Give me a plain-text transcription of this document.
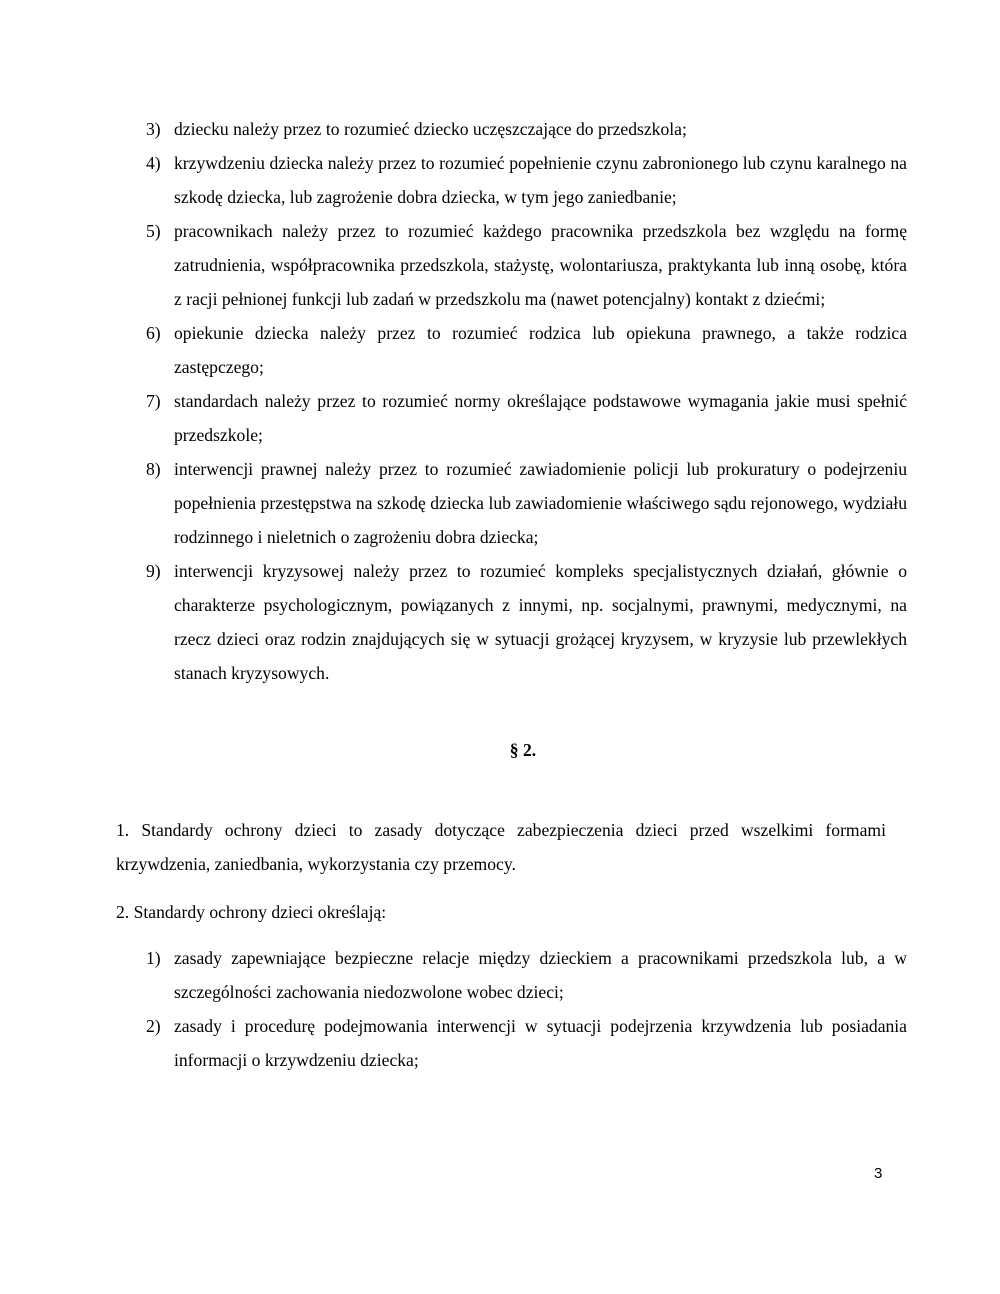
3) dziecku należy przez to rozumieć dziecko uczęszczające do przedszkola;
4) krzywdzeniu dziecka należy przez to rozumieć popełnienie czynu zabronionego lub czynu karalnego na szkodę dziecka, lub zagrożenie dobra dziecka, w tym jego zaniedbanie;
5) pracownikach należy przez to rozumieć każdego pracownika przedszkola bez względu na formę zatrudnienia, współpracownika przedszkola, stażystę, wolontariusza, praktykanta lub inną osobę, która z racji pełnionej funkcji lub zadań w przedszkolu ma (nawet potencjalny) kontakt z dziećmi;
6) opiekunie dziecka należy przez to rozumieć rodzica lub opiekuna prawnego, a także rodzica zastępczego;
7) standardach należy przez to rozumieć normy określające podstawowe wymagania jakie musi spełnić przedszkole;
8) interwencji prawnej należy przez to rozumieć zawiadomienie policji lub prokuratury o podejrzeniu popełnienia przestępstwa na szkodę dziecka lub zawiadomienie właściwego sądu rejonowego, wydziału rodzinnego i nieletnich o zagrożeniu dobra dziecka;
9) interwencji kryzysowej należy przez to rozumieć kompleks specjalistycznych działań, głównie o charakterze psychologicznym, powiązanych z innymi, np. socjalnymi, prawnymi, medycznymi, na rzecz dzieci oraz rodzin znajdujących się w sytuacji grożącej kryzysem, w kryzysie lub przewlekłych stanach kryzysowych.
§ 2.
1. Standardy ochrony dzieci to zasady dotyczące zabezpieczenia dzieci przed wszelkimi formami krzywdzenia, zaniedbania, wykorzystania czy przemocy.
2. Standardy ochrony dzieci określają:
1) zasady zapewniające bezpieczne relacje między dzieckiem a pracownikami przedszkola lub, a w szczególności zachowania niedozwolone wobec dzieci;
2) zasady i procedurę podejmowania interwencji w sytuacji podejrzenia krzywdzenia lub posiadania informacji o krzywdzeniu dziecka;
3
